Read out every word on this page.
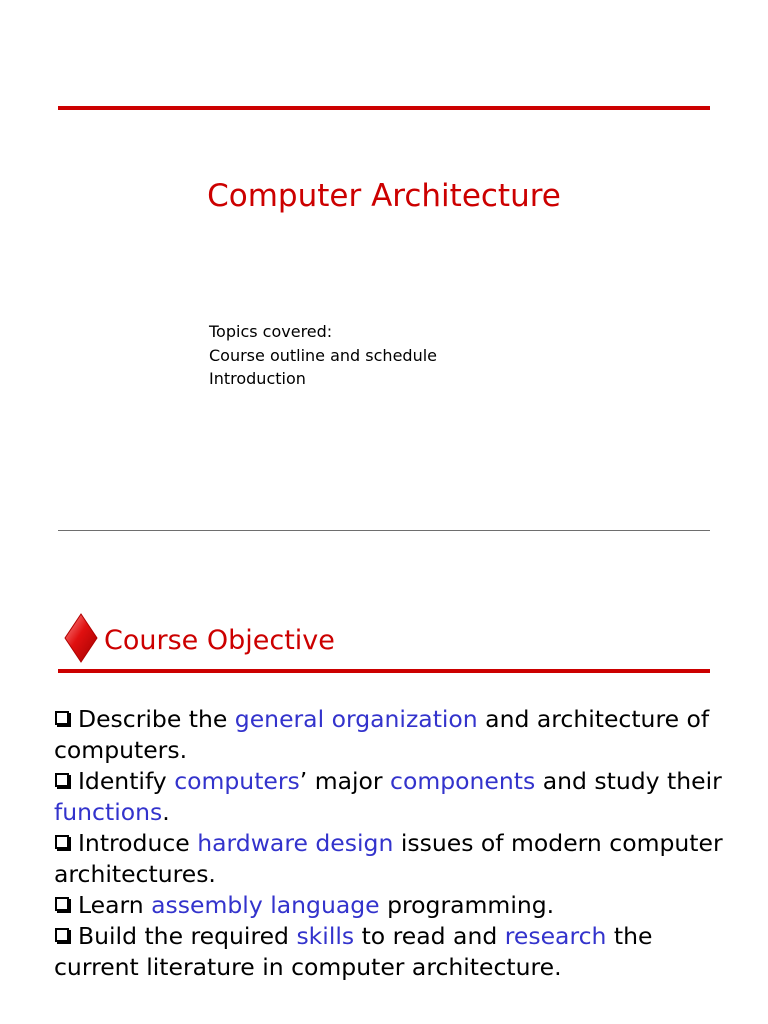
Computer Architecture
Topics covered:
Course outline and schedule
Introduction
Course Objective

Describe the general organization and architecture of computers.

Identify computers’ major components and study their functions.

Introduce hardware design issues of modern computer architectures.

Learn assembly language programming.

Build the required skills to read and research the current literature in computer architecture.
